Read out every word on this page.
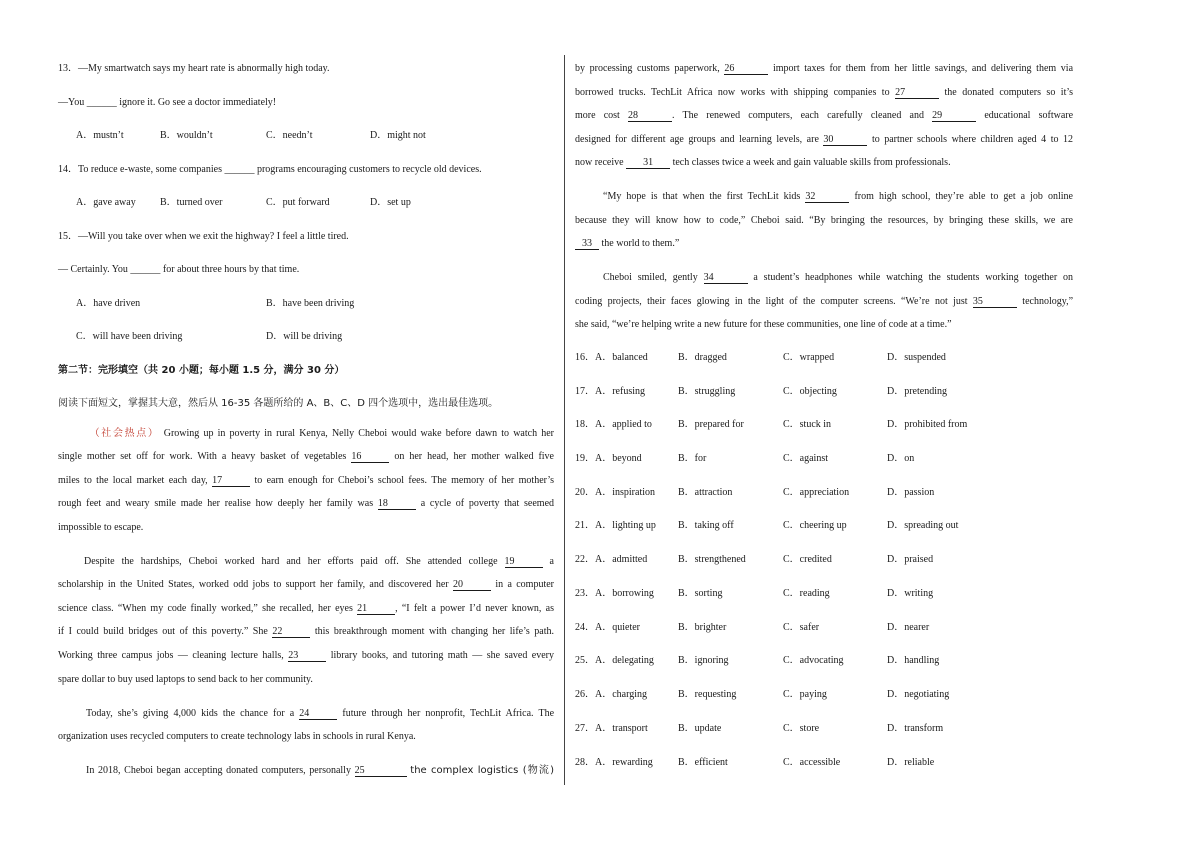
13．—My smartwatch says my heart rate is abnormally high today.
—You ______ ignore it. Go see a doctor immediately!
A．mustn’t	B．wouldn’t	C．needn’t	D．might not
14．To reduce e-waste, some companies ______ programs encouraging customers to recycle old devices.
A．gave away B．turned over	C．put forward	D．set up
15．—Will you take over when we exit the highway? I feel a little tired.
— Certainly. You ______ for about three hours by that time.
A．have driven	B．have been driving
C．will have been driving	D．will be driving
第二节：完形填空（共 20 小题；每小题 1.5 分，满分 30 分）
阅读下面短文，掌握其大意，然后从 16-35 各题所给的 A、B、C、D 四个选项中，选出最佳选项。
（社会热点） Growing up in poverty in rural Kenya, Nelly Cheboi would wake before dawn to watch her
single mother set off for work. With a heavy basket of vegetables 16	on her head, her mother walked five
miles to the local market each day, 17	to earn enough for Cheboi’s school fees. The memory of her mother’s
rough feet and weary smile made her realise how deeply her family was 18	a cycle of poverty that seemed
impossible to escape.
Despite the hardships, Cheboi worked hard and her efforts paid off. She attended college 19	a
scholarship in the United States, worked odd jobs to support her family, and discovered her 20	in a computer
science class. “When my code finally worked,” she recalled, her eyes 21	, “I felt a power I’d never known, as
if I could build bridges out of this poverty.” She 22	this breakthrough moment with changing her life’s path.
Working three campus jobs — cleaning lecture halls, 23	library books, and tutoring math — she saved every
spare dollar to buy used laptops to send back to her community.
Today, she’s giving 4,000 kids the chance for a 24	future through her nonprofit, TechLit Africa. The
organization uses recycled computers to create technology labs in schools in rural Kenya.
In 2018, Cheboi began accepting donated computers, personally 25	the complex logistics (物流)
by processing customs paperwork, 26	import taxes for them from her little savings, and delivering them via
borrowed trucks. TechLit Africa now works with shipping companies to 27	the donated computers so it’s
more cost 28	. The renewed computers, each carefully cleaned and 29	educational software
designed for different age groups and learning levels, are 30	to partner schools where children aged 4 to 12
now receive 31 tech classes twice a week and gain valuable skills from professionals.
“My hope is that when the first TechLit kids 32	from high school, they’re able to get a job online
because they will know how to code,” Cheboi said. “By bringing the resources, by bringing these skills, we are
33 the world to them.”
Cheboi smiled, gently 34	a student’s headphones while watching the students working together on
coding projects, their faces glowing in the light of the computer screens. “We’re not just 35	technology,”
she said, “we’re helping write a new future for these communities, one line of code at a time.”
16． A．balanced	B．dragged	C．wrapped	D．suspended
17． A．refusing	B．struggling	C．objecting	D．pretending
18． A．applied to	B．prepared for	C．stuck in	D．prohibited from
19． A．beyond	B．for	C．against	D．on
20． A．inspiration B．attraction	C．appreciation	D．passion
21． A．lighting up B．taking off	C．cheering up	D．spreading out
22． A．admitted	B．strengthened	C．credited	D．praised
23． A．borrowing B．sorting	C．reading	D．writing
24． A．quieter	B．brighter	C．safer	D．nearer
25． A．delegating B．ignoring	C．advocating	D．handling
26． A．charging	B．requesting	C．paying	D．negotiating
27． A．transport	B．update	C．store	D．transform
28． A．rewarding	B．efficient	C．accessible	D．reliable
